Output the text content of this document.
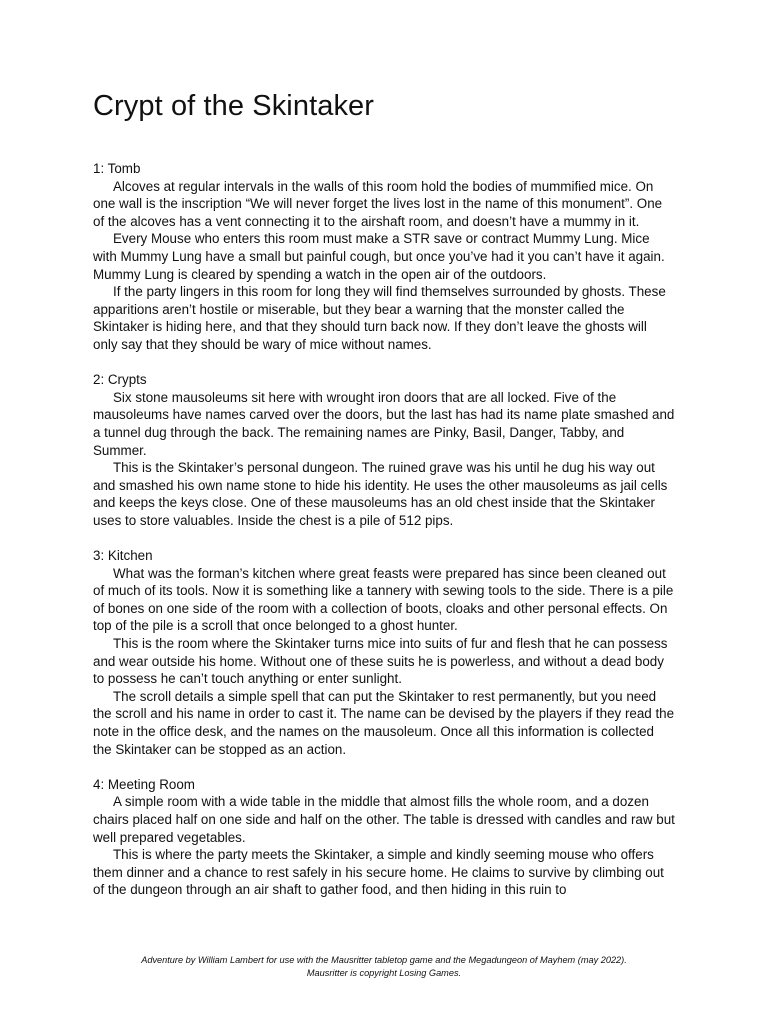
Crypt of the Skintaker

1: Tomb

Alcoves at regular intervals in the walls of this room hold the bodies of mummified mice. On one wall is the inscription “We will never forget the lives lost in the name of this monument”. One of the alcoves has a vent connecting it to the airshaft room, and doesn’t have a mummy in it.

Every Mouse who enters this room must make a STR save or contract Mummy Lung. Mice with Mummy Lung have a small but painful cough, but once you’ve had it you can’t have it again. Mummy Lung is cleared by spending a watch in the open air of the outdoors.

If the party lingers in this room for long they will find themselves surrounded by ghosts. These apparitions aren’t hostile or miserable, but they bear a warning that the monster called the Skintaker is hiding here, and that they should turn back now. If they don’t leave the ghosts will only say that they should be wary of mice without names.

2: Crypts

Six stone mausoleums sit here with wrought iron doors that are all locked. Five of the mausoleums have names carved over the doors, but the last has had its name plate smashed and a tunnel dug through the back. The remaining names are Pinky, Basil, Danger, Tabby, and Summer.

This is the Skintaker’s personal dungeon. The ruined grave was his until he dug his way out and smashed his own name stone to hide his identity. He uses the other mausoleums as jail cells and keeps the keys close. One of these mausoleums has an old chest inside that the Skintaker uses to store valuables. Inside the chest is a pile of 512 pips.

3: Kitchen

What was the forman’s kitchen where great feasts were prepared has since been cleaned out of much of its tools. Now it is something like a tannery with sewing tools to the side. There is a pile of bones on one side of the room with a collection of boots, cloaks and other personal effects. On top of the pile is a scroll that once belonged to a ghost hunter.

This is the room where the Skintaker turns mice into suits of fur and flesh that he can possess and wear outside his home. Without one of these suits he is powerless, and without a dead body to possess he can’t touch anything or enter sunlight.

The scroll details a simple spell that can put the Skintaker to rest permanently, but you need the scroll and his name in order to cast it. The name can be devised by the players if they read the note in the office desk, and the names on the mausoleum. Once all this information is collected the Skintaker can be stopped as an action.

4: Meeting Room

A simple room with a wide table in the middle that almost fills the whole room, and a dozen chairs placed half on one side and half on the other. The table is dressed with candles and raw but well prepared vegetables.

This is where the party meets the Skintaker, a simple and kindly seeming mouse who offers them dinner and a chance to rest safely in his secure home. He claims to survive by climbing out of the dungeon through an air shaft to gather food, and then hiding in this ruin to

Adventure by William Lambert for use with the Mausritter tabletop game and the Megadungeon of Mayhem (may 2022).

Mausritter is copyright Losing Games.
